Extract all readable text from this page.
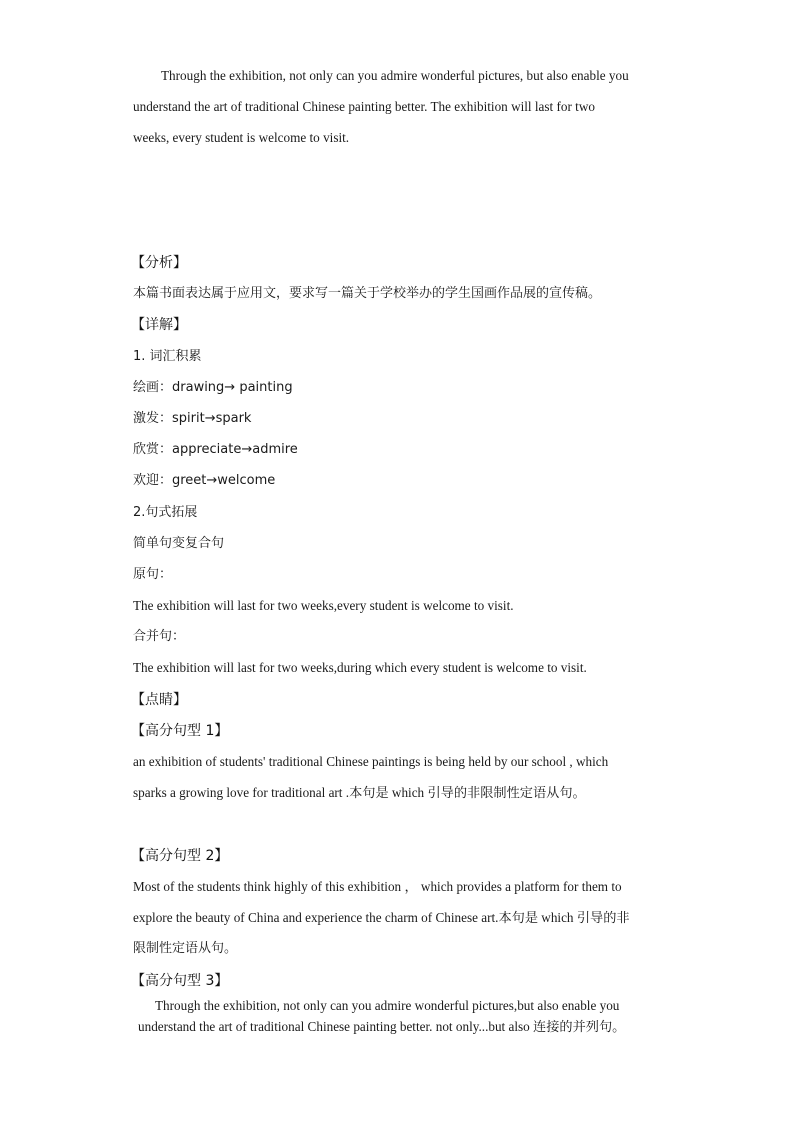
Through the exhibition, not only can you admire wonderful pictures, but also enable you
understand the art of traditional Chinese painting better. The exhibition will last for two
weeks, every student is welcome to visit.
【分析】
本篇书面表达属于应用文，要求写一篇关于学校举办的学生国画作品展的宣传稿。
【详解】
1. 词汇积累
绘画：drawing→ painting
激发：spirit→spark
欣赏：appreciate→admire
欢迎：greet→welcome
2.句式拓展
简单句变复合句
原句：
The exhibition will last for two weeks,every student is welcome to visit.
合并句：
The exhibition will last for two weeks,during which every student is welcome to visit.
【点睛】
【高分句型 1】
an exhibition of students' traditional Chinese paintings is being held by our school , which
sparks a growing love for traditional art .本句是 which 引导的非限制性定语从句。
【高分句型 2】
Most of the students think highly of this exhibition ， which provides a platform for them to
explore the beauty of China and experience the charm of Chinese art.本句是 which 引导的非
限制性定语从句。
【高分句型 3】
Through the exhibition, not only can you admire wonderful pictures,but also enable you
understand the art of traditional Chinese painting better. not only...but also 连接的并列句。
